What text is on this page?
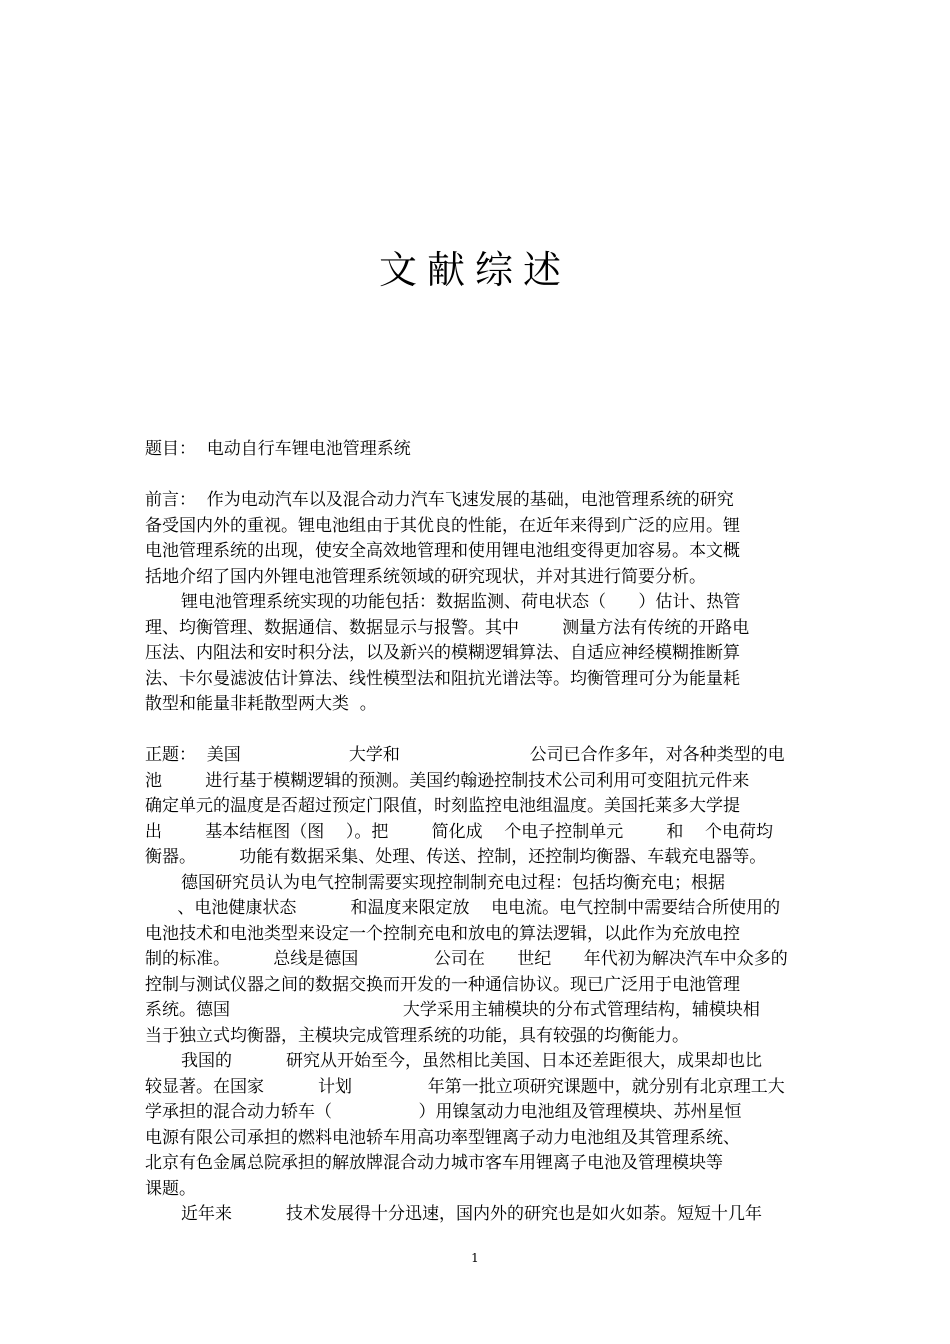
文献综述
题目：  电动自行车锂电池管理系统
前言：  作为电动汽车以及混合动力汽车飞速发展的基础，电池管理系统的研究
备受国内外的重视。锂电池组由于其优良的性能，在近年来得到广泛的应用。锂
电池管理系统的出现，使安全高效地管理和使用锂电池组变得更加容易。本文概
括地介绍了国内外锂电池管理系统领域的研究现状，并对其进行简要分析。
锂电池管理系统实现的功能包括：数据监测、荷电状态（      ）估计、热管
理、均衡管理、数据通信、数据显示与报警。其中        测量方法有传统的开路电
压法、内阻法和安时积分法，以及新兴的模糊逻辑算法、自适应神经模糊推断算
法、卡尔曼滤波估计算法、线性模型法和阻抗光谱法等。均衡管理可分为能量耗
散型和能量非耗散型两大类  。
正题：  美国                    大学和                        公司已合作多年，对各种类型的电
池        进行基于模糊逻辑的预测。美国约翰逊控制技术公司利用可变阻抗元件来
确定单元的温度是否超过预定门限值，时刻监控电池组温度。美国托莱多大学提
出        基本结框图（图    ）。把        简化成    个电子控制单元        和    个电荷均
衡器。        功能有数据采集、处理、传送、控制，还控制均衡器、车载充电器等。
德国研究员认为电气控制需要实现控制制充电过程：包括均衡充电；根据
、电池健康状态          和温度来限定放    电电流。电气控制中需要结合所使用的
电池技术和电池类型来设定一个控制充电和放电的算法逻辑，以此作为充放电控
制的标准。        总线是德国              公司在      世纪      年代初为解决汽车中众多的
控制与测试仪器之间的数据交换而开发的一种通信协议。现已广泛用于电池管理
系统。德国                                大学采用主辅模块的分布式管理结构，辅模块相
当于独立式均衡器，主模块完成管理系统的功能，具有较强的均衡能力。
我国的          研究从开始至今，虽然相比美国、日本还差距很大，成果却也比
较显著。在国家          计划              年第一批立项研究课题中，就分别有北京理工大
学承担的混合动力轿车（                ）用镍氢动力电池组及管理模块、苏州星恒
电源有限公司承担的燃料电池轿车用高功率型锂离子动力电池组及其管理系统、
北京有色金属总院承担的解放牌混合动力城市客车用锂离子电池及管理模块等
课题。
近年来          技术发展得十分迅速，国内外的研究也是如火如荼。短短十几年
1
